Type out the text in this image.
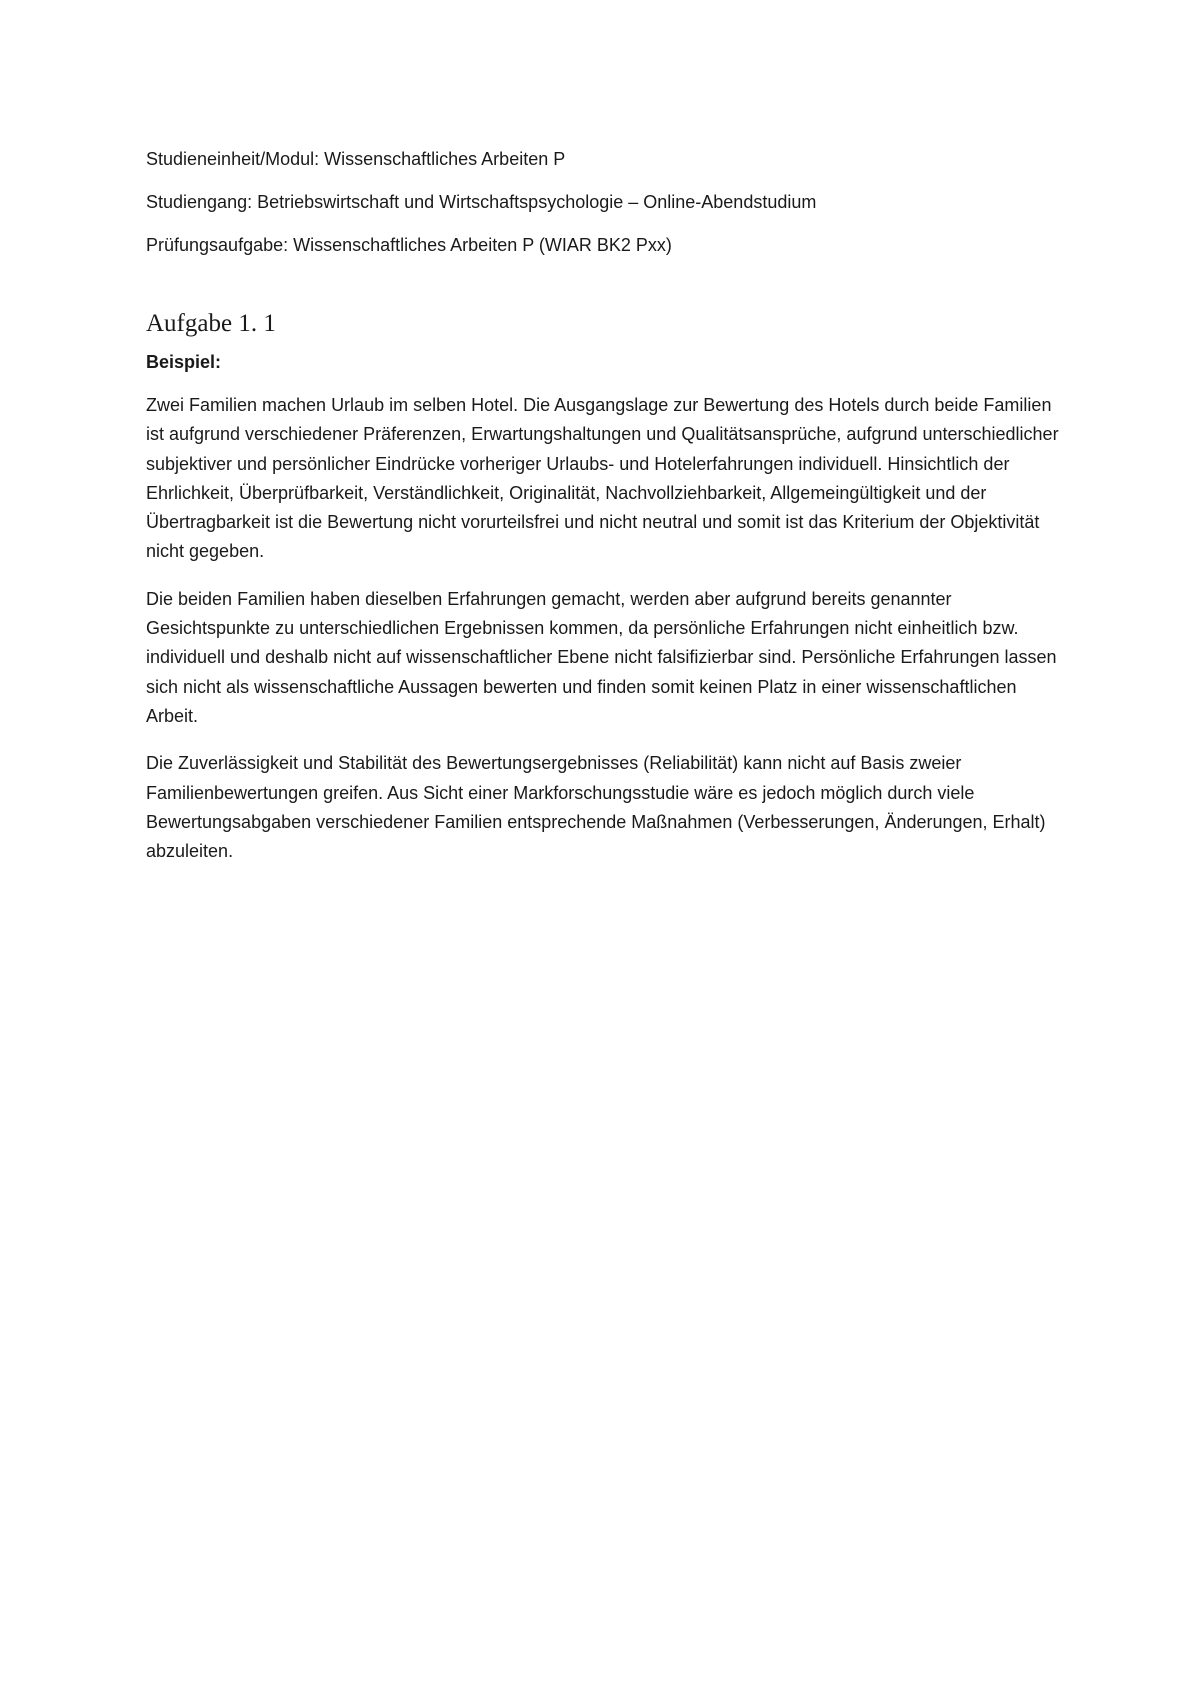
Studieneinheit/Modul: Wissenschaftliches Arbeiten P

Studiengang: Betriebswirtschaft und Wirtschaftspsychologie – Online-Abendstudium

Prüfungsaufgabe: Wissenschaftliches Arbeiten P (WIAR BK2 Pxx)

Aufgabe 1. 1

Beispiel:

Zwei Familien machen Urlaub im selben Hotel. Die Ausgangslage zur Bewertung des Hotels durch beide Familien ist aufgrund verschiedener Präferenzen, Erwartungshaltungen und Qualitätsansprüche, aufgrund unterschiedlicher subjektiver und persönlicher Eindrücke vorheriger Urlaubs- und Hotelerfahrungen individuell. Hinsichtlich der Ehrlichkeit, Überprüfbarkeit, Verständlichkeit, Originalität, Nachvollziehbarkeit, Allgemeingültigkeit und der Übertragbarkeit ist die Bewertung nicht vorurteilsfrei und nicht neutral und somit ist das Kriterium der Objektivität nicht gegeben.

Die beiden Familien haben dieselben Erfahrungen gemacht, werden aber aufgrund bereits genannter Gesichtspunkte zu unterschiedlichen Ergebnissen kommen, da persönliche Erfahrungen nicht einheitlich bzw. individuell und deshalb nicht auf wissenschaftlicher Ebene nicht falsifizierbar sind. Persönliche Erfahrungen lassen sich nicht als wissenschaftliche Aussagen bewerten und finden somit keinen Platz in einer wissenschaftlichen Arbeit.

Die Zuverlässigkeit und Stabilität des Bewertungsergebnisses (Reliabilität) kann nicht auf Basis zweier Familienbewertungen greifen. Aus Sicht einer Markforschungsstudie wäre es jedoch möglich durch viele Bewertungsabgaben verschiedener Familien entsprechende Maßnahmen (Verbesserungen, Änderungen, Erhalt) abzuleiten.
